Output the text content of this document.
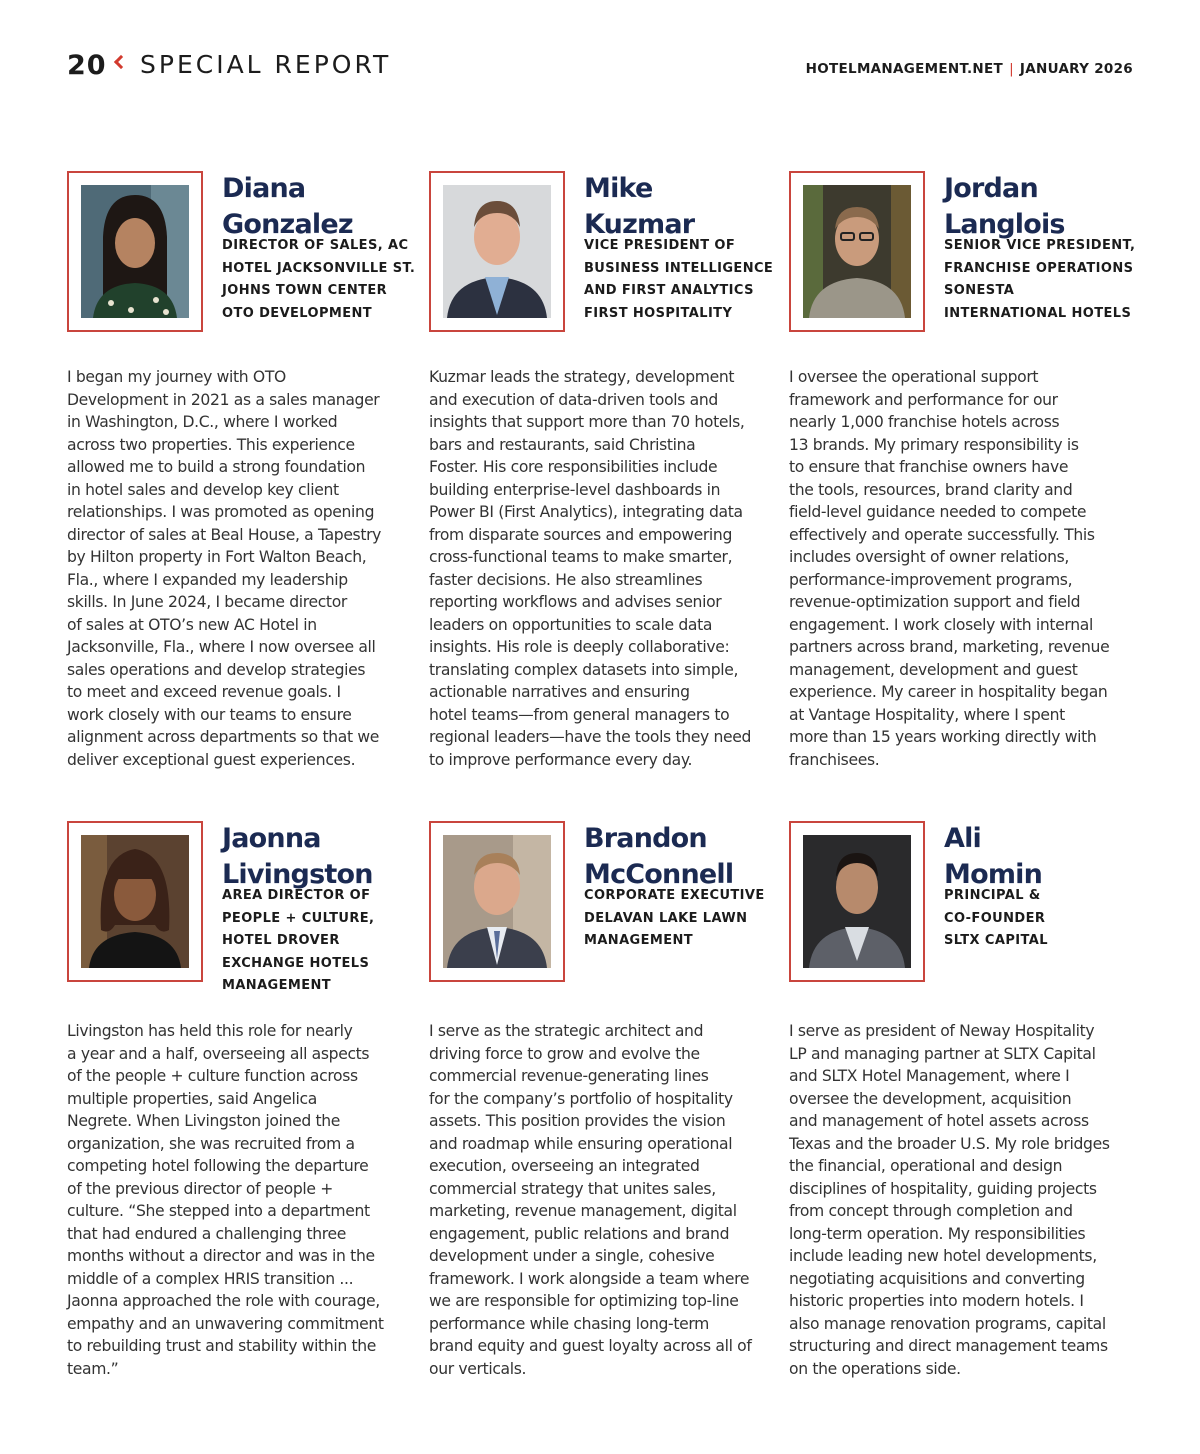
20 SPECIAL REPORT	HOTELMANAGEMENT.NET | JANUARY 2026
Diana
Gonzalez
DIRECTOR OF SALES, AC
HOTEL JACKSONVILLE ST.
JOHNS TOWN CENTER
OTO DEVELOPMENT
I began my journey with OTO
Development in 2021 as a sales manager
in Washington, D.C., where I worked
across two properties. This experience
allowed me to build a strong foundation
in hotel sales and develop key client
relationships. I was promoted as opening
director of sales at Beal House, a Tapestry
by Hilton property in Fort Walton Beach,
Fla., where I expanded my leadership
skills. In June 2024, I became director
of sales at OTO’s new AC Hotel in
Jacksonville, Fla., where I now oversee all
sales operations and develop strategies
to meet and exceed revenue goals. I
work closely with our teams to ensure
alignment across departments so that we
deliver exceptional guest experiences.
Mike
Kuzmar
VICE PRESIDENT OF
BUSINESS INTELLIGENCE
AND FIRST ANALYTICS
FIRST HOSPITALITY
Kuzmar leads the strategy, development
and execution of data-driven tools and
insights that support more than 70 hotels,
bars and restaurants, said Christina
Foster. His core responsibilities include
building enterprise-level dashboards in
Power BI (First Analytics), integrating data
from disparate sources and empowering
cross-functional teams to make smarter,
faster decisions. He also streamlines
reporting workflows and advises senior
leaders on opportunities to scale data
insights. His role is deeply collaborative:
translating complex datasets into simple,
actionable narratives and ensuring
hotel teams—from general managers to
regional leaders—have the tools they need
to improve performance every day.
Jordan
Langlois
SENIOR VICE PRESIDENT,
FRANCHISE OPERATIONS
SONESTA
INTERNATIONAL HOTELS
I oversee the operational support
framework and performance for our
nearly 1,000 franchise hotels across
13 brands. My primary responsibility is
to ensure that franchise owners have
the tools, resources, brand clarity and
field-level guidance needed to compete
effectively and operate successfully. This
includes oversight of owner relations,
performance-improvement programs,
revenue-optimization support and field
engagement. I work closely with internal
partners across brand, marketing, revenue
management, development and guest
experience. My career in hospitality began
at Vantage Hospitality, where I spent
more than 15 years working directly with
franchisees.
Jaonna
Livingston
AREA DIRECTOR OF
PEOPLE + CULTURE,
HOTEL DROVER
EXCHANGE HOTELS
MANAGEMENT
Livingston has held this role for nearly
a year and a half, overseeing all aspects
of the people + culture function across
multiple properties, said Angelica
Negrete. When Livingston joined the
organization, she was recruited from a
competing hotel following the departure
of the previous director of people +
culture. “She stepped into a department
that had endured a challenging three
months without a director and was in the
middle of a complex HRIS transition ...
Jaonna approached the role with courage,
empathy and an unwavering commitment
to rebuilding trust and stability within the
team.”
Brandon
McConnell
CORPORATE EXECUTIVE
DELAVAN LAKE LAWN
MANAGEMENT
I serve as the strategic architect and
driving force to grow and evolve the
commercial revenue-generating lines
for the company’s portfolio of hospitality
assets. This position provides the vision
and roadmap while ensuring operational
execution, overseeing an integrated
commercial strategy that unites sales,
marketing, revenue management, digital
engagement, public relations and brand
development under a single, cohesive
framework. I work alongside a team where
we are responsible for optimizing top-line
performance while chasing long-term
brand equity and guest loyalty across all of
our verticals.
Ali
Momin
PRINCIPAL &
CO-FOUNDER
SLTX CAPITAL
I serve as president of Neway Hospitality
LP and managing partner at SLTX Capital
and SLTX Hotel Management, where I
oversee the development, acquisition
and management of hotel assets across
Texas and the broader U.S. My role bridges
the financial, operational and design
disciplines of hospitality, guiding projects
from concept through completion and
long-term operation. My responsibilities
include leading new hotel developments,
negotiating acquisitions and converting
historic properties into modern hotels. I
also manage renovation programs, capital
structuring and direct management teams
on the operations side.
